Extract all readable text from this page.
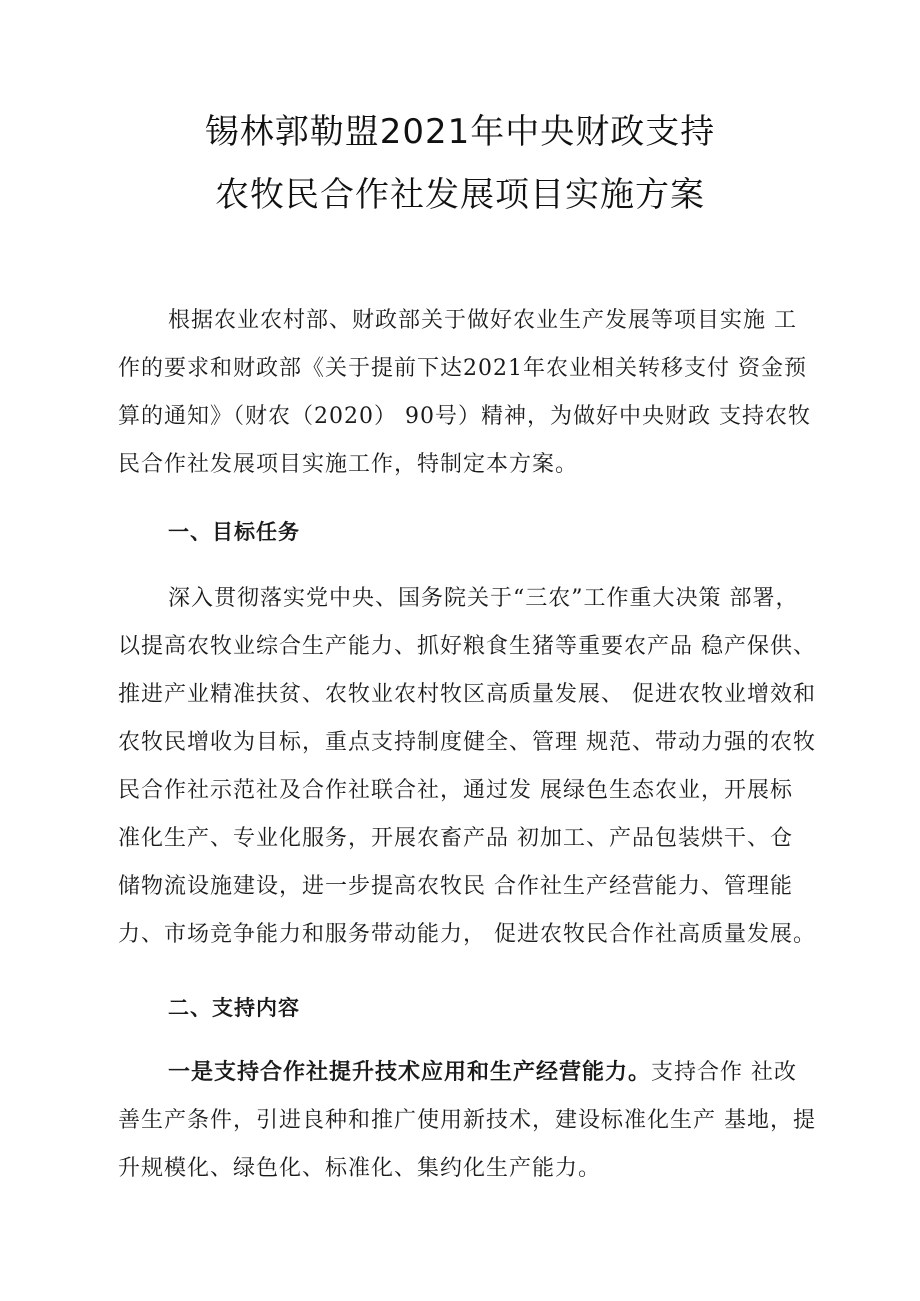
锡林郭勒盟2021年中央财政支持
农牧民合作社发展项目实施方案
根据农业农村部、财政部关于做好农业生产发展等项目实施 工
作的要求和财政部《关于提前下达2021年农业相关转移支付 资金预
算的通知》（财农（2020） 90号）精神，为做好中央财政 支持农牧
民合作社发展项目实施工作，特制定本方案。
一、目标任务
深入贯彻落实党中央、国务院关于“三农”工作重大决策 部署，
以提高农牧业综合生产能力、抓好粮食生猪等重要农产品 稳产保供、
推进产业精准扶贫、农牧业农村牧区高质量发展、 促进农牧业增效和
农牧民增收为目标，重点支持制度健全、管理 规范、带动力强的农牧
民合作社示范社及合作社联合社，通过发 展绿色生态农业，开展标
准化生产、专业化服务，开展农畜产品 初加工、产品包装烘干、仓
储物流设施建设，进一步提高农牧民 合作社生产经营能力、管理能
力、市场竞争能力和服务带动能力， 促进农牧民合作社高质量发展。
二、支持内容
一是支持合作社提升技术应用和生产经营能力。支持合作 社改
善生产条件，引进良种和推广使用新技术，建设标准化生产 基地，提
升规模化、绿色化、标准化、集约化生产能力。
